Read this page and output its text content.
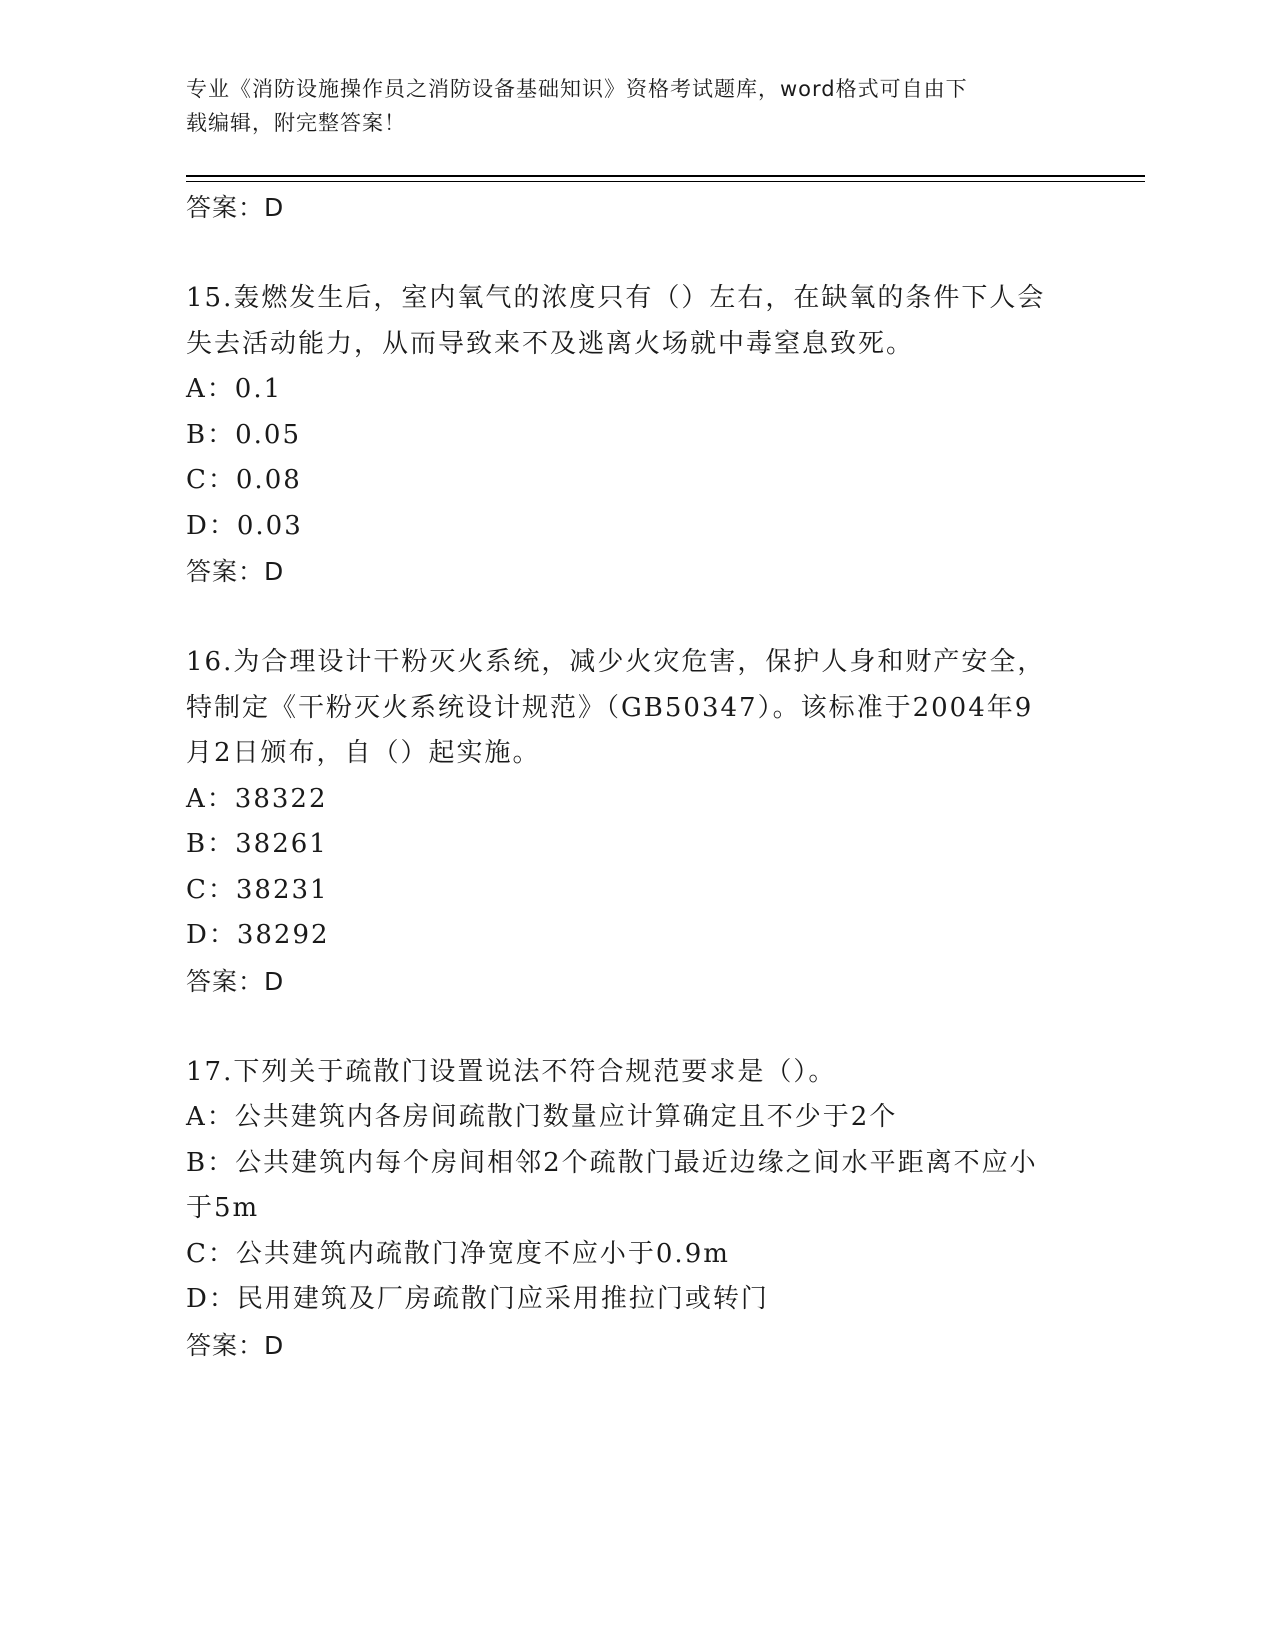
专业《消防设施操作员之消防设备基础知识》资格考试题库，word格式可自由下
载编辑，附完整答案！
答案：D
15.轰燃发生后，室内氧气的浓度只有（）左右，在缺氧的条件下人会
失去活动能力，从而导致来不及逃离火场就中毒窒息致死。
A：0.1
B：0.05
C：0.08
D：0.03
答案：D
16.为合理设计干粉灭火系统，减少火灾危害，保护人身和财产安全，
特制定《干粉灭火系统设计规范》（GB50347）。该标准于2004年9
月2日颁布，自（）起实施。
A：38322
B：38261
C：38231
D：38292
答案：D
17.下列关于疏散门设置说法不符合规范要求是（）。
A：公共建筑内各房间疏散门数量应计算确定且不少于2个
B：公共建筑内每个房间相邻2个疏散门最近边缘之间水平距离不应小
于5m
C：公共建筑内疏散门净宽度不应小于0.9m
D：民用建筑及厂房疏散门应采用推拉门或转门
答案：D
